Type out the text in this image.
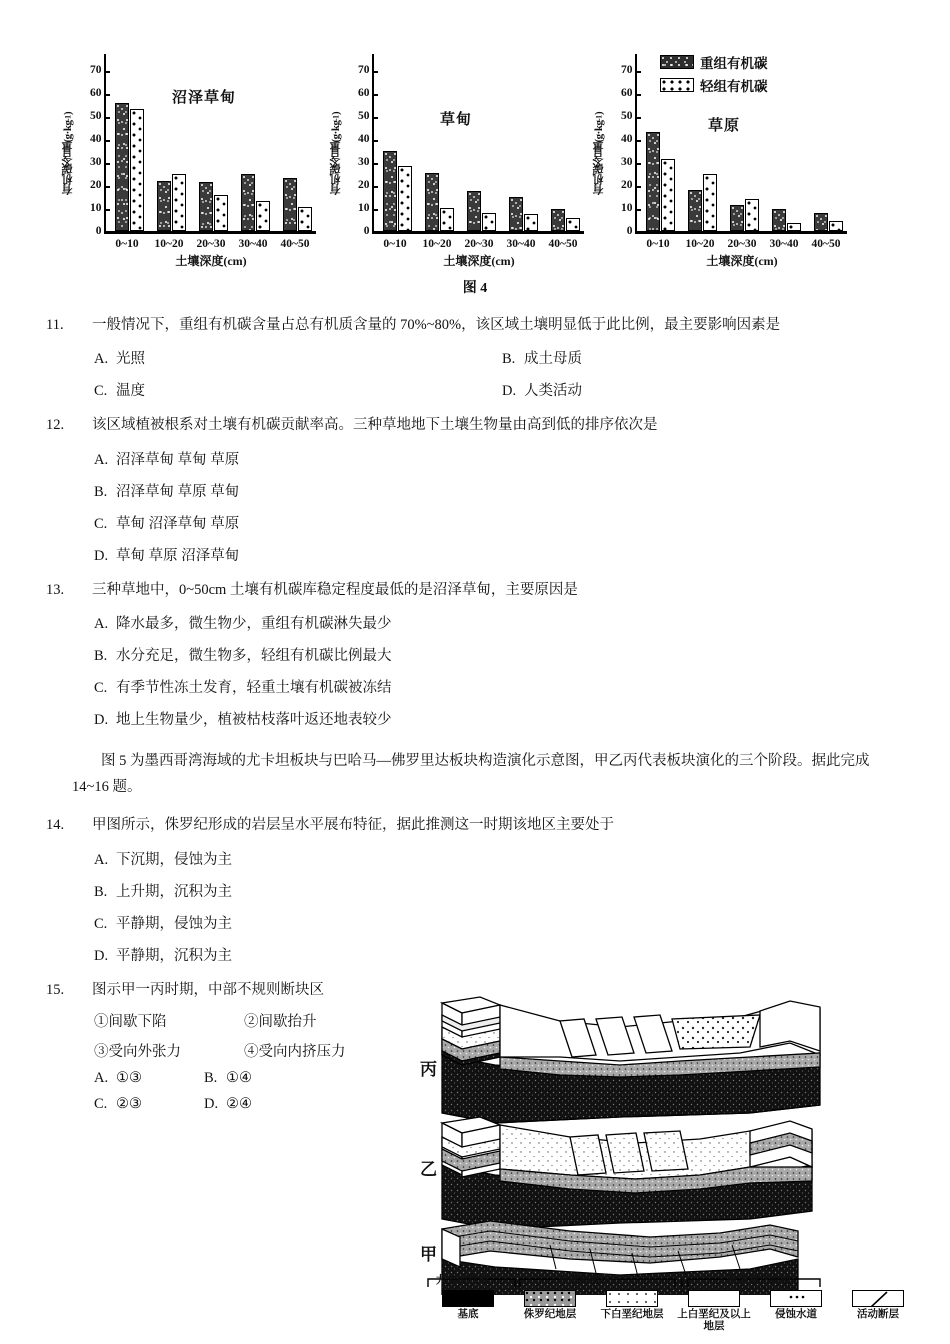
有机碳含量(g·kg
-1
)
0
10
20
30
40
50
60
70
0~10	10~20	20~30	30~40	40~50
土壤深度(cm)
沼泽草甸
有机碳含量(g·kg
-1
)
0
10
20
30
40
50
60
70
0~10	10~20	20~30	30~40	40~50
土壤深度(cm)
草甸
有机碳含量(g·kg
-1
)
0
10
20
30
40
50
60
70
0~10	10~20	20~30	30~40	40~50
土壤深度(cm)
草原
重组有机碳
轻组有机碳
图 4
11. 一般情况下，重组有机碳含量占总有机质含量的 70%~80%，该区域土壤明显低于此比例，最主要影响因素是
A. 光照	B. 成土母质
C. 温度	D. 人类活动
12. 该区域植被根系对土壤有机碳贡献率高。三种草地地下土壤生物量由高到低的排序依次是
A. 沼泽草甸 草甸 草原
B. 沼泽草甸 草原 草甸
C. 草甸 沼泽草甸 草原
D. 草甸 草原 沼泽草甸
13. 三种草地中，0~50cm 土壤有机碳库稳定程度最低的是沼泽草甸，主要原因是
A. 降水最多，微生物少，重组有机碳淋失最少
B. 水分充足，微生物多，轻组有机碳比例最大
C. 有季节性冻土发育，轻重土壤有机碳被冻结
D. 地上生物量少，植被枯枝落叶返还地表较少
图 5 为墨西哥湾海域的尤卡坦板块与巴哈马—佛罗里达板块构造演化示意图，甲乙丙代表板块演化的三个阶段。据此完成 14~16 题。
14. 甲图所示，侏罗纪形成的岩层呈水平展布特征，据此推测这一时期该地区主要处于
A. 下沉期，侵蚀为主
B. 上升期，沉积为主
C. 平静期，侵蚀为主
D. 平静期，沉积为主
15. 图示甲一丙时期，中部不规则断块区
①间歇下陷	②间歇抬升
③受向外张力	④受向内挤压力
A. ①③	B. ①④
C. ②③	D. ②④
丙
乙
甲
尤卡坦台地	不规则断块区	佛罗里达台地
基底	侏罗纪地层	下白垩纪地层	上白垩纪及以上地层
侵蚀水道	活动断层
